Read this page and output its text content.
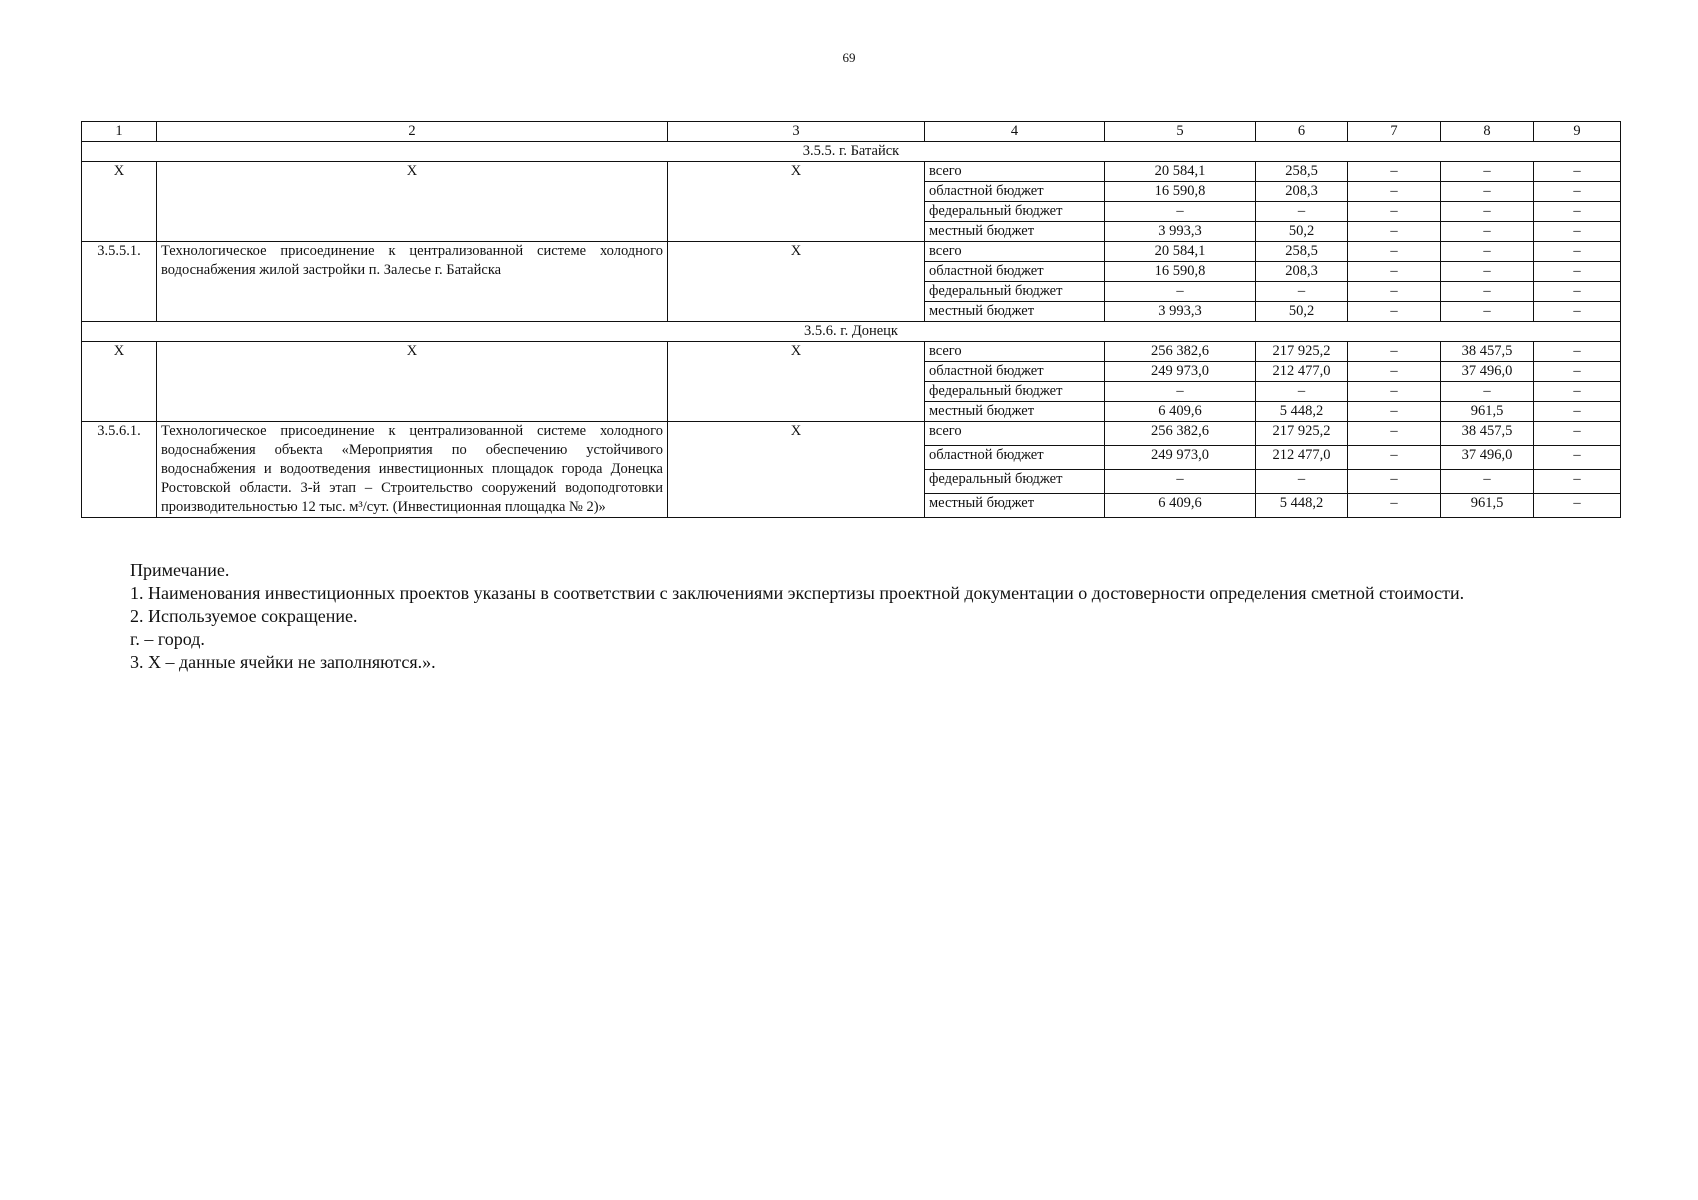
69
1	2	3	4	5	6	7	8	9
3.5.5. г. Батайск								
X	X	X	всего	20 584,1	258,5	–	–	–
			областной бюджет	16 590,8	208,3	–	–	–
			федеральный бюджет	–	–	–	–	–
			местный бюджет	3 993,3	50,2	–	–	–
3.5.5.1.	Технологическое присоединение к централизованной системе холодного водоснабжения жилой застройки п. Залесье г. Батайска	X	всего	20 584,1	258,5	–	–	–
			областной бюджет	16 590,8	208,3	–	–	–
			федеральный бюджет	–	–	–	–	–
			местный бюджет	3 993,3	50,2	–	–	–
3.5.6. г. Донецк								
X	X	X	всего	256 382,6	217 925,2	–	38 457,5	–
			областной бюджет	249 973,0	212 477,0	–	37 496,0	–
			федеральный бюджет	–	–	–	–	–
			местный бюджет	6 409,6	5 448,2	–	961,5	–
3.5.6.1.	Технологическое присоединение к централизованной системе холодного водоснабжения объекта «Мероприятия по обеспечению устойчивого водоснабжения и водоотведения инвестиционных площадок города Донецка Ростовской области. 3-й этап – Строительство сооружений водоподготовки производительностью 12 тыс. м³/сут. (Инвестиционная площадка № 2)»	X	всего	256 382,6	217 925,2	–	38 457,5	–
			областной бюджет	249 973,0	212 477,0	–	37 496,0	–
			федеральный бюджет	–	–	–	–	–
			местный бюджет	6 409,6	5 448,2	–	961,5	–
Примечание.
1. Наименования инвестиционных проектов указаны в соответствии с заключениями экспертизы проектной документации о достоверности определения сметной стоимости.
2. Используемое сокращение.
г. – город.
3. X – данные ячейки не заполняются.».
